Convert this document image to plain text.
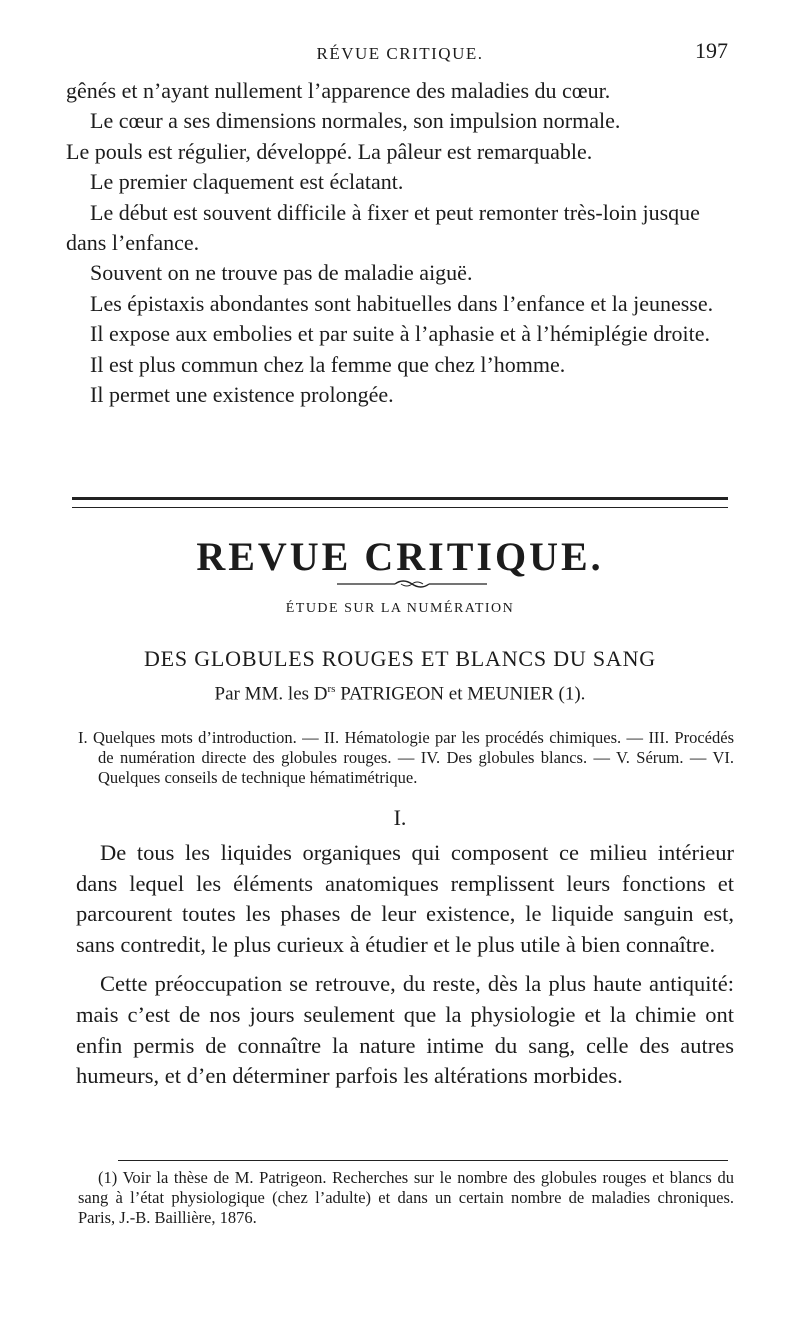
RÉVUE CRITIQUE.	197

gênés et n’ayant nullement l’apparence des maladies du cœur.

Le cœur a ses dimensions normales, son impulsion normale.

Le pouls est régulier, développé. La pâleur est remarquable.

Le premier claquement est éclatant.

Le début est souvent difficile à fixer et peut remonter très-loin jusque dans l’enfance.

Souvent on ne trouve pas de maladie aiguë.

Les épistaxis abondantes sont habituelles dans l’enfance et la jeunesse.

Il expose aux embolies et par suite à l’aphasie et à l’hémiplégie droite.

Il est plus commun chez la femme que chez l’homme.

Il permet une existence prolongée.

REVUE CRITIQUE.
ÉTUDE SUR LA NUMÉRATION
DES GLOBULES ROUGES ET BLANCS DU SANG
Par MM. les $D^{rs}$ PATRIGEON et MEUNIER (1).

I. Quelques mots d’introduction. — II. Hématologie par les procédés chimiques. — III. Procédés de numération directe des globules rouges. — IV. Des globules blancs. — V. Sérum. — VI. Quelques conseils de technique hématimétrique.

I.

De tous les liquides organiques qui composent ce milieu intérieur dans lequel les éléments anatomiques remplissent leurs fonctions et parcourent toutes les phases de leur existence, le liquide sanguin est, sans contredit, le plus curieux à étudier et le plus utile à bien connaître.

Cette préoccupation se retrouve, du reste, dès la plus haute antiquité: mais c’est de nos jours seulement que la physiologie et la chimie ont enfin permis de connaître la nature intime du sang, celle des autres humeurs, et d’en déterminer parfois les altérations morbides.

(1) Voir la thèse de M. Patrigeon. Recherches sur le nombre des globules rouges et blancs du sang à l’état physiologique (chez l’adulte) et dans un certain nombre de maladies chroniques. Paris, J.-B. Baillière, 1876.
